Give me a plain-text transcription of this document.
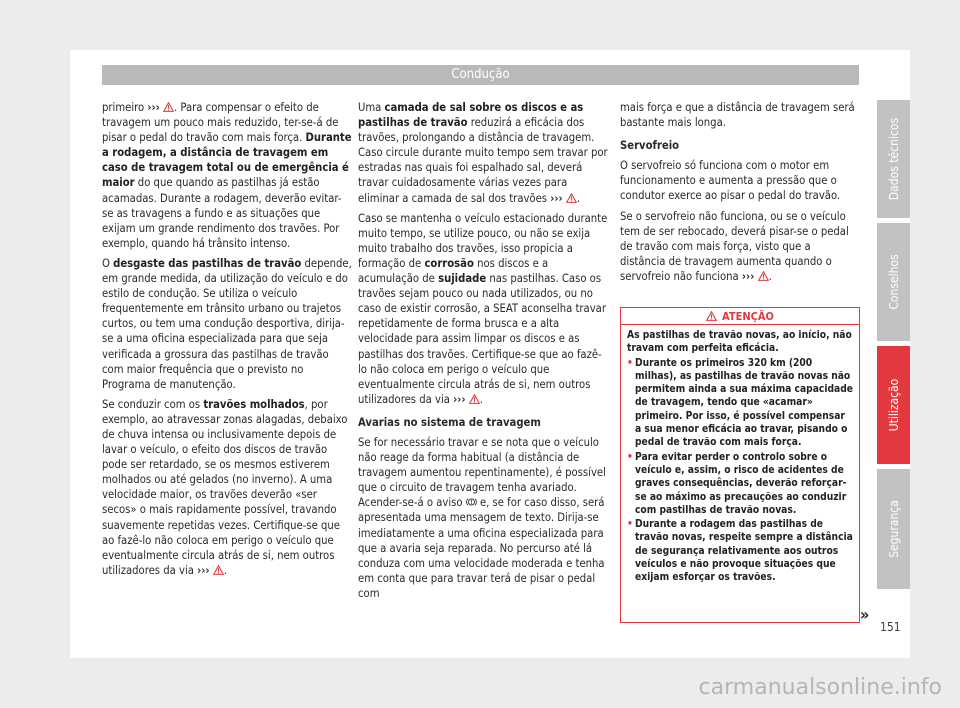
Condução

primeiro ››› . Para compensar o efeito de travagem um pouco mais reduzido, ter-se-á de pisar o pedal do travão com mais força. Durante a rodagem, a distância de travagem em caso de travagem total ou de emergência é maior do que quando as pastilhas já estão acamadas. Durante a rodagem, deverão evitar-se as travagens a fundo e as situações que exijam um grande rendimento dos travões. Por exemplo, quando há trânsito intenso.

O desgaste das pastilhas de travão depende, em grande medida, da utilização do veículo e do estilo de condução. Se utiliza o veículo frequentemente em trânsito urbano ou trajetos curtos, ou tem uma condução desportiva, dirija-se a uma oficina especializada para que seja verificada a grossura das pastilhas de travão com maior frequência que o previsto no Programa de manutenção.

Se conduzir com os travões molhados, por exemplo, ao atravessar zonas alagadas, debaixo de chuva intensa ou inclusivamente depois de lavar o veículo, o efeito dos discos de travão pode ser retardado, se os mesmos estiverem molhados ou até gelados (no inverno). A uma velocidade maior, os travões deverão «ser secos» o mais rapidamente possível, travando suavemente repetidas vezes. Certifique-se que ao fazê-lo não coloca em perigo o veículo que eventualmente circula atrás de si, nem outros utilizadores da via ››› .

Uma camada de sal sobre os discos e as pastilhas de travão reduzirá a eficácia dos travões, prolongando a distância de travagem. Caso circule durante muito tempo sem travar por estradas nas quais foi espalhado sal, deverá travar cuidadosamente várias vezes para eliminar a camada de sal dos travões ››› .

Caso se mantenha o veículo estacionado durante muito tempo, se utilize pouco, ou não se exija muito trabalho dos travões, isso propicia a formação de corrosão nos discos e a acumulação de sujidade nas pastilhas. Caso os travões sejam pouco ou nada utilizados, ou no caso de existir corrosão, a SEAT aconselha travar repetidamente de forma brusca e a alta velocidade para assim limpar os discos e as pastilhas dos travões. Certifique-se que ao fazê-lo não coloca em perigo o veículo que eventualmente circula atrás de si, nem outros utilizadores da via ››› .

Avarias no sistema de travagem

Se for necessário travar e se nota que o veículo não reage da forma habitual (a distância de travagem aumentou repentinamente), é possível que o circuito de travagem tenha avariado. Acender-se-á o aviso  e, se for caso disso, será apresentada uma mensagem de texto. Dirija-se imediatamente a uma oficina especializada para que a avaria seja reparada. No percurso até lá conduza com uma velocidade moderada e tenha em conta que para travar terá de pisar o pedal com

mais força e que a distância de travagem será bastante mais longa.

Servofreio

O servofreio só funciona com o motor em funcionamento e aumenta a pressão que o condutor exerce ao pisar o pedal do travão.

Se o servofreio não funciona, ou se o veículo tem de ser rebocado, deverá pisar-se o pedal de travão com mais força, visto que a distância de travagem aumenta quando o servofreio não funciona ››› .

ATENÇÃO

As pastilhas de travão novas, ao início, não travam com perfeita eficácia.

• Durante os primeiros 320 km (200 milhas), as pastilhas de travão novas não permitem ainda a sua máxima capacidade de travagem, tendo que «acamar» primeiro. Por isso, é possível compensar a sua menor eficácia ao travar, pisando o pedal de travão com mais força.
• Para evitar perder o controlo sobre o veículo e, assim, o risco de acidentes de graves consequências, deverão reforçar-se ao máximo as precauções ao conduzir com pastilhas de travão novas.
• Durante a rodagem das pastilhas de travão novas, respeite sempre a distância de segurança relativamente aos outros veículos e não provoque situações que exijam esforçar os travões.
»
151
Dados técnicos
Conselhos
Utilização
Segurança
carmanualsonline.info
